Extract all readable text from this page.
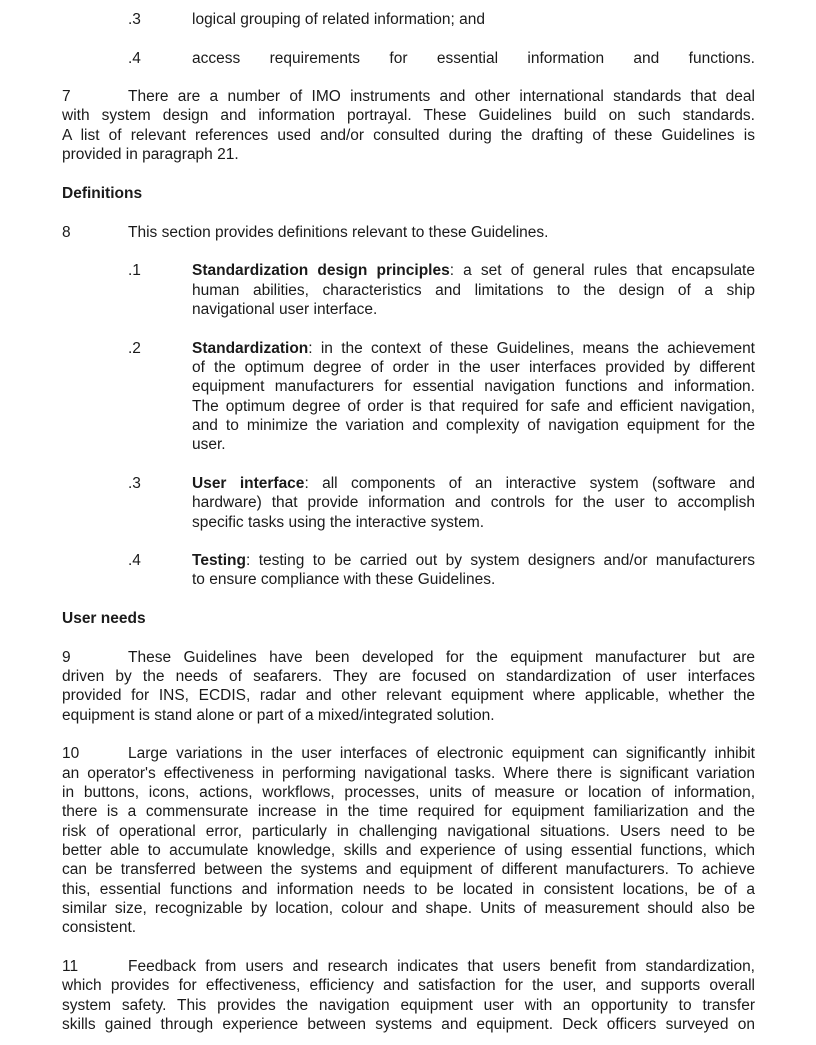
.3	logical grouping of related information; and
.4	access requirements for essential information and functions.
7	There are a number of IMO instruments and other international standards that deal
with system design and information portrayal. These Guidelines build on such standards.
A list of relevant references used and/or consulted during the drafting of these Guidelines is
provided in paragraph 21.
Definitions
8	This section provides definitions relevant to these Guidelines.
.1	Standardization design principles: a set of general rules that encapsulate
human abilities, characteristics and limitations to the design of a ship
navigational user interface.
.2	Standardization: in the context of these Guidelines, means the achievement
of the optimum degree of order in the user interfaces provided by different
equipment manufacturers for essential navigation functions and information.
The optimum degree of order is that required for safe and efficient navigation,
and to minimize the variation and complexity of navigation equipment for the
user.
.3	User interface: all components of an interactive system (software and
hardware) that provide information and controls for the user to accomplish
specific tasks using the interactive system.
.4	Testing: testing to be carried out by system designers and/or manufacturers
to ensure compliance with these Guidelines.
User needs
9	These Guidelines have been developed for the equipment manufacturer but are
driven by the needs of seafarers. They are focused on standardization of user interfaces
provided for INS, ECDIS, radar and other relevant equipment where applicable, whether the
equipment is stand alone or part of a mixed/integrated solution.
10	Large variations in the user interfaces of electronic equipment can significantly inhibit
an operator's effectiveness in performing navigational tasks. Where there is significant variation
in buttons, icons, actions, workflows, processes, units of measure or location of information,
there is a commensurate increase in the time required for equipment familiarization and the
risk of operational error, particularly in challenging navigational situations. Users need to be
better able to accumulate knowledge, skills and experience of using essential functions, which
can be transferred between the systems and equipment of different manufacturers. To achieve
this, essential functions and information needs to be located in consistent locations, be of a
similar size, recognizable by location, colour and shape. Units of measurement should also be
consistent.
11	Feedback from users and research indicates that users benefit from standardization,
which provides for effectiveness, efficiency and satisfaction for the user, and supports overall
system safety. This provides the navigation equipment user with an opportunity to transfer
skills gained through experience between systems and equipment. Deck officers surveyed on
